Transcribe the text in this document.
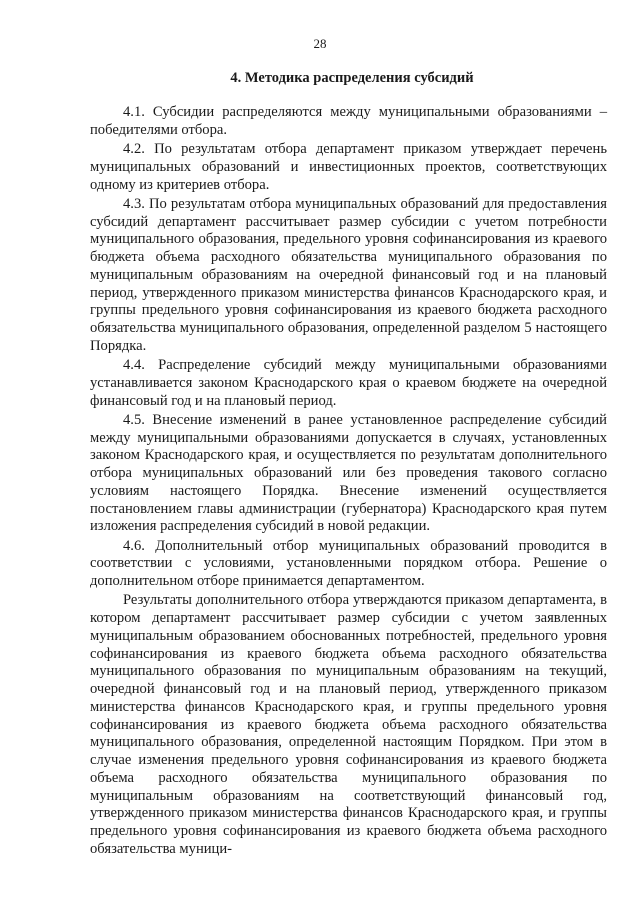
28
4. Методика распределения субсидий

4.1. Субсидии распределяются между муниципальными образованиями – победителями отбора.

4.2. По результатам отбора департамент приказом утверждает перечень муниципальных образований и инвестиционных проектов, соответствующих одному из критериев отбора.

4.3. По результатам отбора муниципальных образований для предоставления субсидий департамент рассчитывает размер субсидии с учетом потребности муниципального образования, предельного уровня софинансирования из краевого бюджета объема расходного обязательства муниципального образования по муниципальным образованиям на очередной финансовый год и на плановый период, утвержденного приказом министерства финансов Краснодарского края, и группы предельного уровня софинансирования из краевого бюджета расходного обязательства муниципального образования, определенной разделом 5 настоящего Порядка.

4.4. Распределение субсидий между муниципальными образованиями устанавливается законом Краснодарского края о краевом бюджете на очередной финансовый год и на плановый период.

4.5. Внесение изменений в ранее установленное распределение субсидий между муниципальными образованиями допускается в случаях, установленных законом Краснодарского края, и осуществляется по результатам дополнительного отбора муниципальных образований или без проведения такового согласно условиям настоящего Порядка. Внесение изменений осуществляется постановлением главы администрации (губернатора) Краснодарского края путем изложения распределения субсидий в новой редакции.

4.6. Дополнительный отбор муниципальных образований проводится в соответствии с условиями, установленными порядком отбора. Решение о дополнительном отборе принимается департаментом.

Результаты дополнительного отбора утверждаются приказом департамента, в котором департамент рассчитывает размер субсидии с учетом заявленных муниципальным образованием обоснованных потребностей, предельного уровня софинансирования из краевого бюджета объема расходного обязательства муниципального образования по муниципальным образованиям на текущий, очередной финансовый год и на плановый период, утвержденного приказом министерства финансов Краснодарского края, и группы предельного уровня софинансирования из краевого бюджета объема расходного обязательства муниципального образования, определенной настоящим Порядком. При этом в случае изменения предельного уровня софинансирования из краевого бюджета объема расходного обязательства муниципального образования по муниципальным образованиям на соответствующий финансовый год, утвержденного приказом министерства финансов Краснодарского края, и группы предельного уровня софинансирования из краевого бюджета объема расходного обязательства муници-
